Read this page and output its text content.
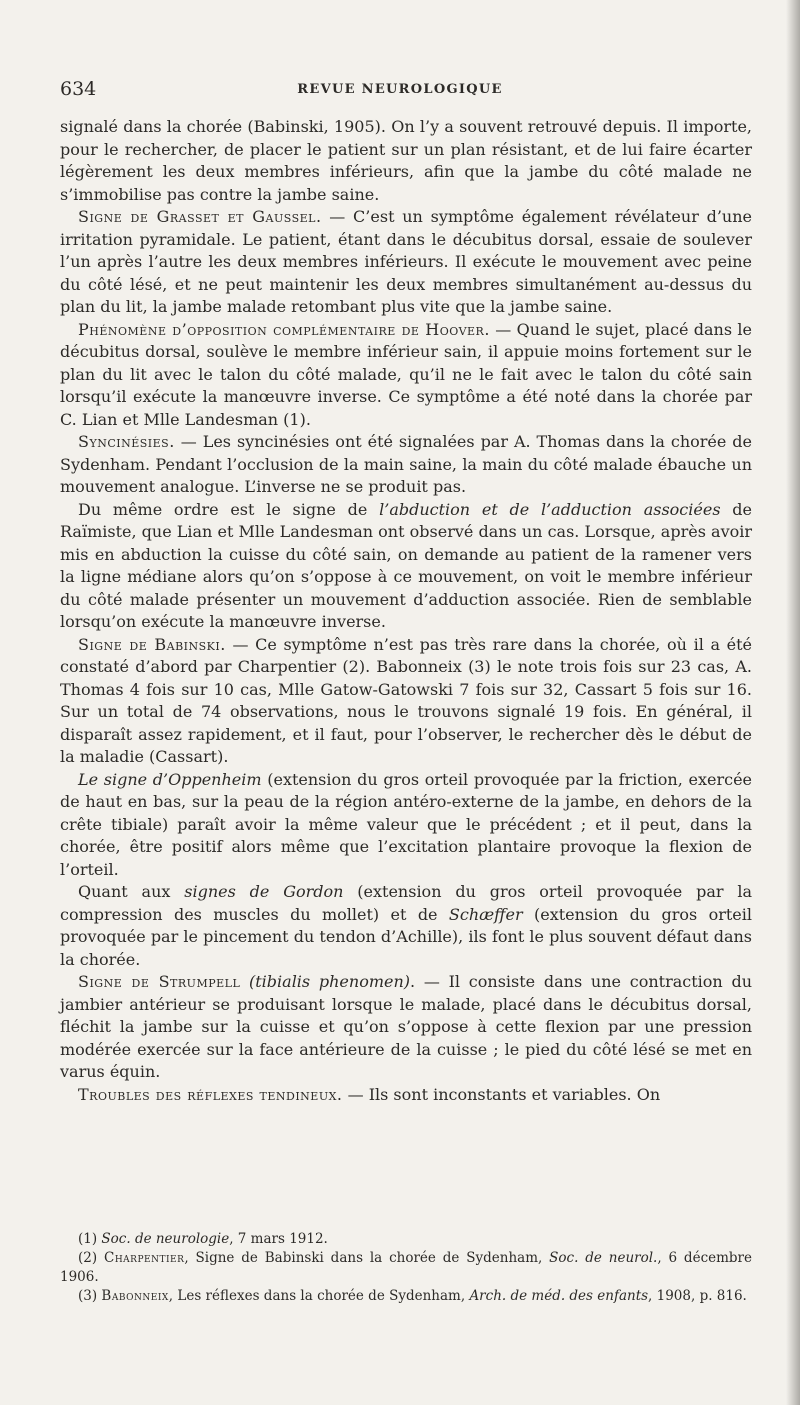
634	REVUE NEUROLOGIQUE

signalé dans la chorée (Babinski, 1905). On l’y a souvent retrouvé depuis. Il importe, pour le rechercher, de placer le patient sur un plan résistant, et de lui faire écarter légèrement les deux membres inférieurs, afin que la jambe du côté malade ne s’immobilise pas contre la jambe saine.

Signe de Grasset et Gaussel. — C’est un symptôme également révélateur d’une irritation pyramidale. Le patient, étant dans le décubitus dorsal, essaie de soulever l’un après l’autre les deux membres inférieurs. Il exécute le mouvement avec peine du côté lésé, et ne peut maintenir les deux membres simultanément au-dessus du plan du lit, la jambe malade retombant plus vite que la jambe saine.

Phénomène d’opposition complémentaire de Hoover. — Quand le sujet, placé dans le décubitus dorsal, soulève le membre inférieur sain, il appuie moins fortement sur le plan du lit avec le talon du côté malade, qu’il ne le fait avec le talon du côté sain lorsqu’il exécute la manœuvre inverse. Ce symptôme a été noté dans la chorée par C. Lian et Mlle Landesman (1).

Syncinésies. — Les syncinésies ont été signalées par A. Thomas dans la chorée de Sydenham. Pendant l’occlusion de la main saine, la main du côté malade ébauche un mouvement analogue. L’inverse ne se produit pas.

Du même ordre est le signe de l’abduction et de l’adduction associées de Raïmiste, que Lian et Mlle Landesman ont observé dans un cas. Lorsque, après avoir mis en abduction la cuisse du côté sain, on demande au patient de la ramener vers la ligne médiane alors qu’on s’oppose à ce mouvement, on voit le membre inférieur du côté malade présenter un mouvement d’adduction associée. Rien de semblable lorsqu’on exécute la manœuvre inverse.

Signe de Babinski. — Ce symptôme n’est pas très rare dans la chorée, où il a été constaté d’abord par Charpentier (2). Babonneix (3) le note trois fois sur 23 cas, A. Thomas 4 fois sur 10 cas, Mlle Gatow-Gatowski 7 fois sur 32, Cassart 5 fois sur 16. Sur un total de 74 observations, nous le trouvons signalé 19 fois. En général, il disparaît assez rapidement, et il faut, pour l’observer, le rechercher dès le début de la maladie (Cassart).

Le signe d’Oppenheim (extension du gros orteil provoquée par la friction, exercée de haut en bas, sur la peau de la région antéro-externe de la jambe, en dehors de la crête tibiale) paraît avoir la même valeur que le précédent ; et il peut, dans la chorée, être positif alors même que l’excitation plantaire provoque la flexion de l’orteil.

Quant aux signes de Gordon (extension du gros orteil provoquée par la compression des muscles du mollet) et de Schæffer (extension du gros orteil provoquée par le pincement du tendon d’Achille), ils font le plus souvent défaut dans la chorée.

Signe de Strumpell (tibialis phenomen). — Il consiste dans une contraction du jambier antérieur se produisant lorsque le malade, placé dans le décubitus dorsal, fléchit la jambe sur la cuisse et qu’on s’oppose à cette flexion par une pression modérée exercée sur la face antérieure de la cuisse ; le pied du côté lésé se met en varus équin.

Troubles des réflexes tendineux. — Ils sont inconstants et variables. On

(1) Soc. de neurologie, 7 mars 1912.

(2) Charpentier, Signe de Babinski dans la chorée de Sydenham, Soc. de neurol., 6 décembre 1906.

(3) Babonneix, Les réflexes dans la chorée de Sydenham, Arch. de méd. des enfants, 1908, p. 816.
